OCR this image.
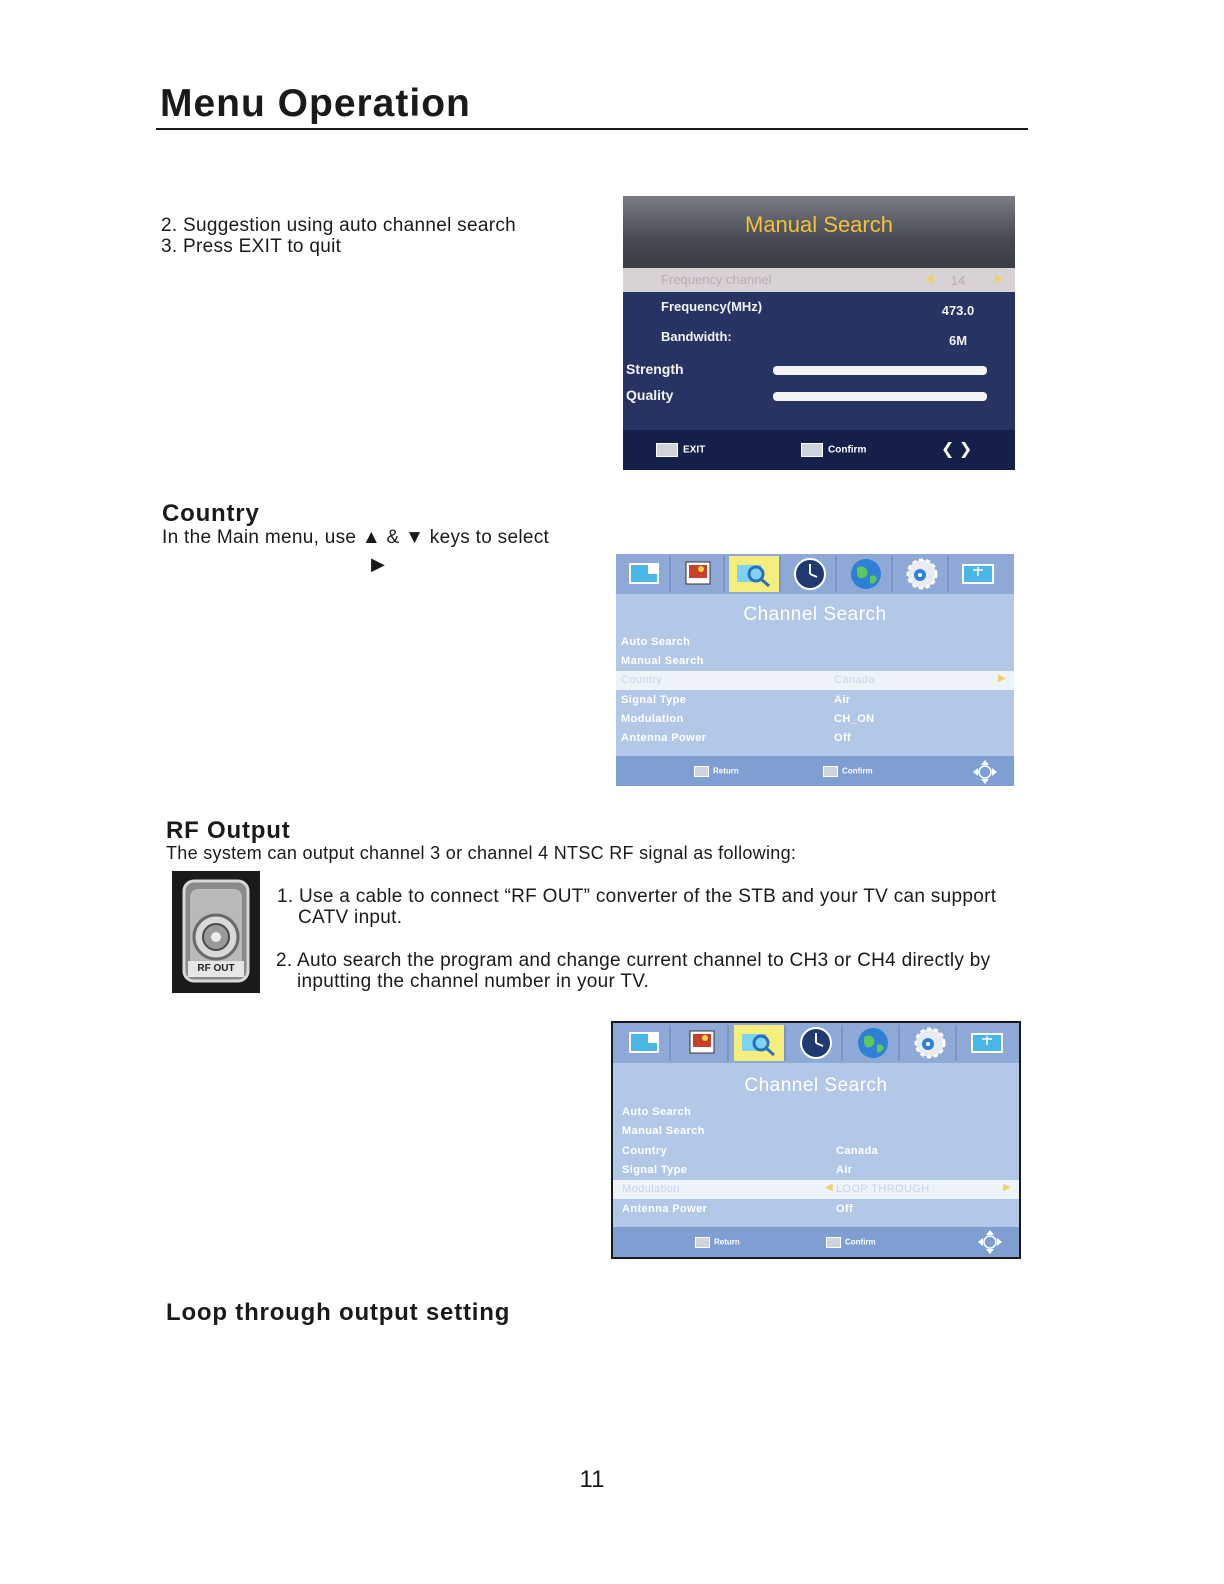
Menu Operation
2. Suggestion using auto channel search
3. Press EXIT to quit
Manual Search
Frequency channel	◀	14	▶
Frequency(MHz)	473.0
Bandwidth:	6M
Strength
Quality
EXIT	Confirm	❮ ❯
Country
In the Main menu, use ▲ & ▼ keys to select
▶
Channel Search
Auto Search
Manual Search
Country	Canada	▶
Signal Type	Air
Modulation	CH_ON
Antenna Power	Off
Return	Confirm
RF Output
The system can output channel 3 or channel 4 NTSC RF signal as following:
RF OUT
1. Use a cable to connect “RF OUT” converter of the STB and your TV can support
CATV input.
2. Auto search the program and change current channel to CH3 or CH4 directly by
inputting the channel number in your TV.
Channel Search
Auto Search
Manual Search
Country	Canada
Signal Type	Air
Modulation	◀ LOOP THROUGH	▶
Antenna Power	Off
Return	Confirm
Loop through output setting
11
